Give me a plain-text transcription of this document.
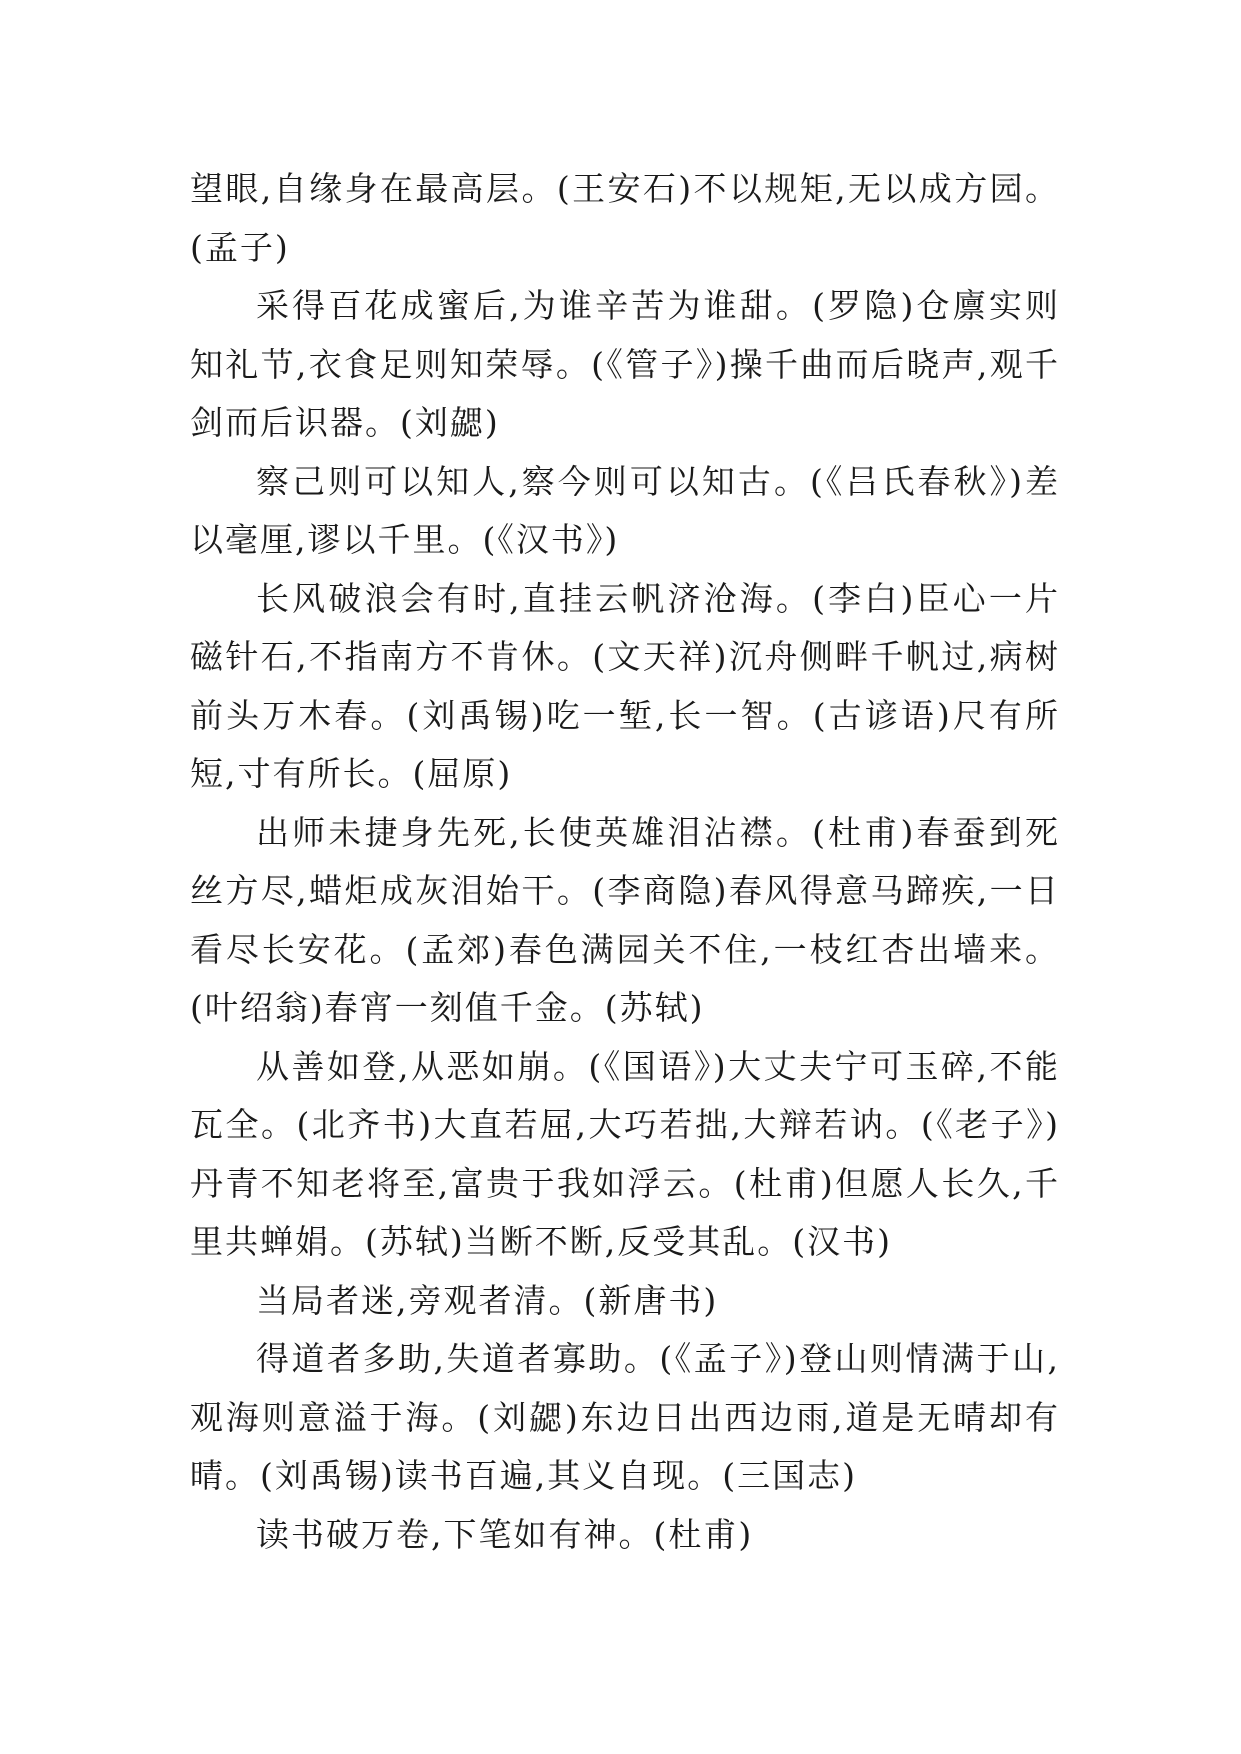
望眼,自缘身在最高层。(王安石)不以规矩,无以成方园。(孟子)

采得百花成蜜后,为谁辛苦为谁甜。(罗隐)仓廪实则知礼节,衣食足则知荣辱。(《管子》)操千曲而后晓声,观千剑而后识器。(刘勰)

察己则可以知人,察今则可以知古。(《吕氏春秋》)差以毫厘,谬以千里。(《汉书》)

长风破浪会有时,直挂云帆济沧海。(李白)臣心一片磁针石,不指南方不肯休。(文天祥)沉舟侧畔千帆过,病树前头万木春。(刘禹锡)吃一堑,长一智。(古谚语)尺有所短,寸有所长。(屈原)

出师未捷身先死,长使英雄泪沾襟。(杜甫)春蚕到死丝方尽,蜡炬成灰泪始干。(李商隐)春风得意马蹄疾,一日看尽长安花。(孟郊)春色满园关不住,一枝红杏出墙来。(叶绍翁)春宵一刻值千金。(苏轼)

从善如登,从恶如崩。(《国语》)大丈夫宁可玉碎,不能瓦全。(北齐书)大直若屈,大巧若拙,大辩若讷。(《老子》)丹青不知老将至,富贵于我如浮云。(杜甫)但愿人长久,千里共蝉娟。(苏轼)当断不断,反受其乱。(汉书)

当局者迷,旁观者清。(新唐书)

得道者多助,失道者寡助。(《孟子》)登山则情满于山,观海则意溢于海。(刘勰)东边日出西边雨,道是无晴却有晴。(刘禹锡)读书百遍,其义自现。(三国志)

读书破万卷,下笔如有神。(杜甫)
